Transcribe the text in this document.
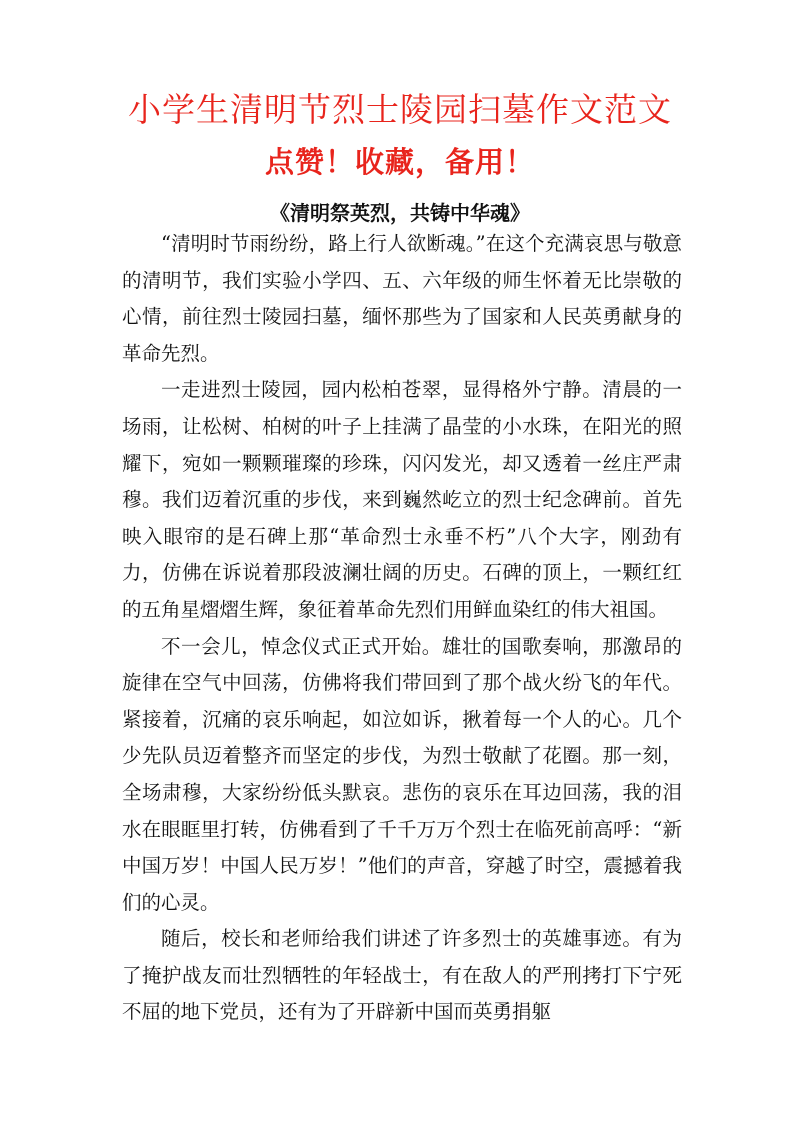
小学生清明节烈士陵园扫墓作文范文
点赞！收藏，备用！
《清明祭英烈，共铸中华魂》

“清明时节雨纷纷，路上行人欲断魂。”在这个充满哀思与敬意的清明节，我们实验小学四、五、六年级的师生怀着无比崇敬的心情，前往烈士陵园扫墓，缅怀那些为了国家和人民英勇献身的革命先烈。

一走进烈士陵园，园内松柏苍翠，显得格外宁静。清晨的一场雨，让松树、柏树的叶子上挂满了晶莹的小水珠，在阳光的照耀下，宛如一颗颗璀璨的珍珠，闪闪发光，却又透着一丝庄严肃穆。我们迈着沉重的步伐，来到巍然屹立的烈士纪念碑前。首先映入眼帘的是石碑上那“革命烈士永垂不朽”八个大字，刚劲有力，仿佛在诉说着那段波澜壮阔的历史。石碑的顶上，一颗红红的五角星熠熠生辉，象征着革命先烈们用鲜血染红的伟大祖国。

不一会儿，悼念仪式正式开始。雄壮的国歌奏响，那激昂的旋律在空气中回荡，仿佛将我们带回到了那个战火纷飞的年代。紧接着，沉痛的哀乐响起，如泣如诉，揪着每一个人的心。几个少先队员迈着整齐而坚定的步伐，为烈士敬献了花圈。那一刻，全场肃穆，大家纷纷低头默哀。悲伤的哀乐在耳边回荡，我的泪水在眼眶里打转，仿佛看到了千千万万个烈士在临死前高呼：“新中国万岁！中国人民万岁！”他们的声音，穿越了时空，震撼着我们的心灵。

随后，校长和老师给我们讲述了许多烈士的英雄事迹。有为了掩护战友而壮烈牺牲的年轻战士，有在敌人的严刑拷打下宁死不屈的地下党员，还有为了开辟新中国而英勇捐躯
